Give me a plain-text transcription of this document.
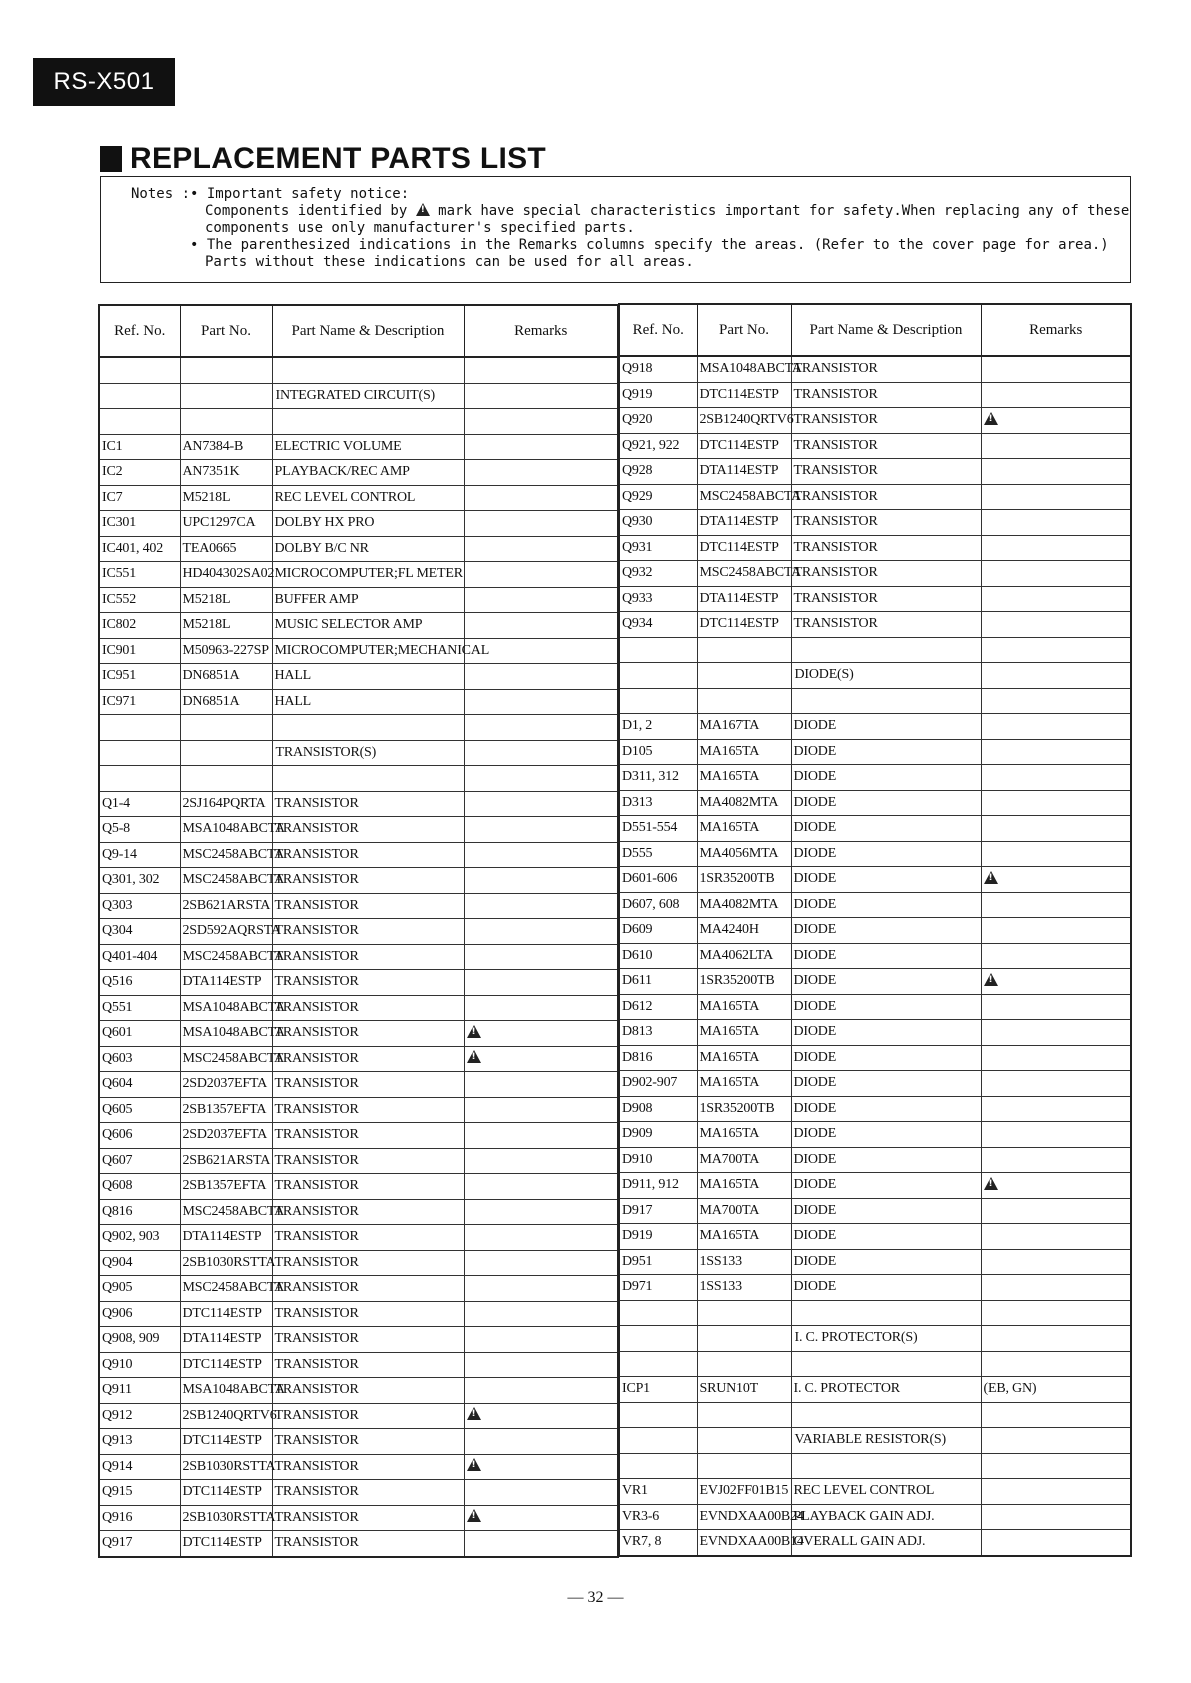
RS-X501
REPLACEMENT PARTS LIST
Notes : • Important safety notice:
Components identified by ! mark have special characteristics important for safety.When replacing any of these
components use only manufacturer's specified parts.
• The parenthesized indications in the Remarks columns specify the areas. (Refer to the cover page for area.)
Parts without these indications can be used for all areas.
Ref. No.	Part No.	Part Name & Description	Remarks

		INTEGRATED CIRCUIT(S)	

IC1	AN7384-B	ELECTRIC VOLUME	
IC2	AN7351K	PLAYBACK/REC AMP	
IC7	M5218L	REC LEVEL CONTROL	
IC301	UPC1297CA	DOLBY HX PRO	
IC401, 402	TEA0665	DOLBY B/C NR	
IC551	HD404302SA02	MICROCOMPUTER;FL METER	
IC552	M5218L	BUFFER AMP	
IC802	M5218L	MUSIC SELECTOR AMP	
IC901	M50963-227SP	MICROCOMPUTER;MECHANICAL	
IC951	DN6851A	HALL	
IC971	DN6851A	HALL	

		TRANSISTOR(S)	

Q1-4	2SJ164PQRTA	TRANSISTOR	
Q5-8	MSA1048ABCTA	TRANSISTOR	
Q9-14	MSC2458ABCTA	TRANSISTOR	
Q301, 302	MSC2458ABCTA	TRANSISTOR	
Q303	2SB621ARSTA	TRANSISTOR	
Q304	2SD592AQRSTA	TRANSISTOR	
Q401-404	MSC2458ABCTA	TRANSISTOR	
Q516	DTA114ESTP	TRANSISTOR	
Q551	MSA1048ABCTA	TRANSISTOR	
Q601	MSA1048ABCTA	TRANSISTOR	!
Q603	MSC2458ABCTA	TRANSISTOR	!
Q604	2SD2037EFTA	TRANSISTOR	
Q605	2SB1357EFTA	TRANSISTOR	
Q606	2SD2037EFTA	TRANSISTOR	
Q607	2SB621ARSTA	TRANSISTOR	
Q608	2SB1357EFTA	TRANSISTOR	
Q816	MSC2458ABCTA	TRANSISTOR	
Q902, 903	DTA114ESTP	TRANSISTOR	
Q904	2SB1030RSTTA	TRANSISTOR	
Q905	MSC2458ABCTA	TRANSISTOR	
Q906	DTC114ESTP	TRANSISTOR	
Q908, 909	DTA114ESTP	TRANSISTOR	
Q910	DTC114ESTP	TRANSISTOR	
Q911	MSA1048ABCTA	TRANSISTOR	
Q912	2SB1240QRTV6	TRANSISTOR	!
Q913	DTC114ESTP	TRANSISTOR	
Q914	2SB1030RSTTA	TRANSISTOR	!
Q915	DTC114ESTP	TRANSISTOR	
Q916	2SB1030RSTTA	TRANSISTOR	!
Q917	DTC114ESTP	TRANSISTOR	
Ref. No.	Part No.	Part Name & Description	Remarks
Q918	MSA1048ABCTA	TRANSISTOR	
Q919	DTC114ESTP	TRANSISTOR	
Q920	2SB1240QRTV6	TRANSISTOR	!
Q921, 922	DTC114ESTP	TRANSISTOR	
Q928	DTA114ESTP	TRANSISTOR	
Q929	MSC2458ABCTA	TRANSISTOR	
Q930	DTA114ESTP	TRANSISTOR	
Q931	DTC114ESTP	TRANSISTOR	
Q932	MSC2458ABCTA	TRANSISTOR	
Q933	DTA114ESTP	TRANSISTOR	
Q934	DTC114ESTP	TRANSISTOR	

		DIODE(S)	

D1, 2	MA167TA	DIODE	
D105	MA165TA	DIODE	
D311, 312	MA165TA	DIODE	
D313	MA4082MTA	DIODE	
D551-554	MA165TA	DIODE	
D555	MA4056MTA	DIODE	
D601-606	1SR35200TB	DIODE	!
D607, 608	MA4082MTA	DIODE	
D609	MA4240H	DIODE	
D610	MA4062LTA	DIODE	
D611	1SR35200TB	DIODE	!
D612	MA165TA	DIODE	
D813	MA165TA	DIODE	
D816	MA165TA	DIODE	
D902-907	MA165TA	DIODE	
D908	1SR35200TB	DIODE	
D909	MA165TA	DIODE	
D910	MA700TA	DIODE	
D911, 912	MA165TA	DIODE	!
D917	MA700TA	DIODE	
D919	MA165TA	DIODE	
D951	1SS133	DIODE	
D971	1SS133	DIODE	

		I. C. PROTECTOR(S)	

ICP1	SRUN10T	I. C. PROTECTOR	(EB, GN)

		VARIABLE RESISTOR(S)	

VR1	EVJ02FF01B15	REC LEVEL CONTROL	
VR3-6	EVNDXAA00B24	PLAYBACK GAIN ADJ.	
VR7, 8	EVNDXAA00B14	OVERALL GAIN ADJ.	
— 32 —
